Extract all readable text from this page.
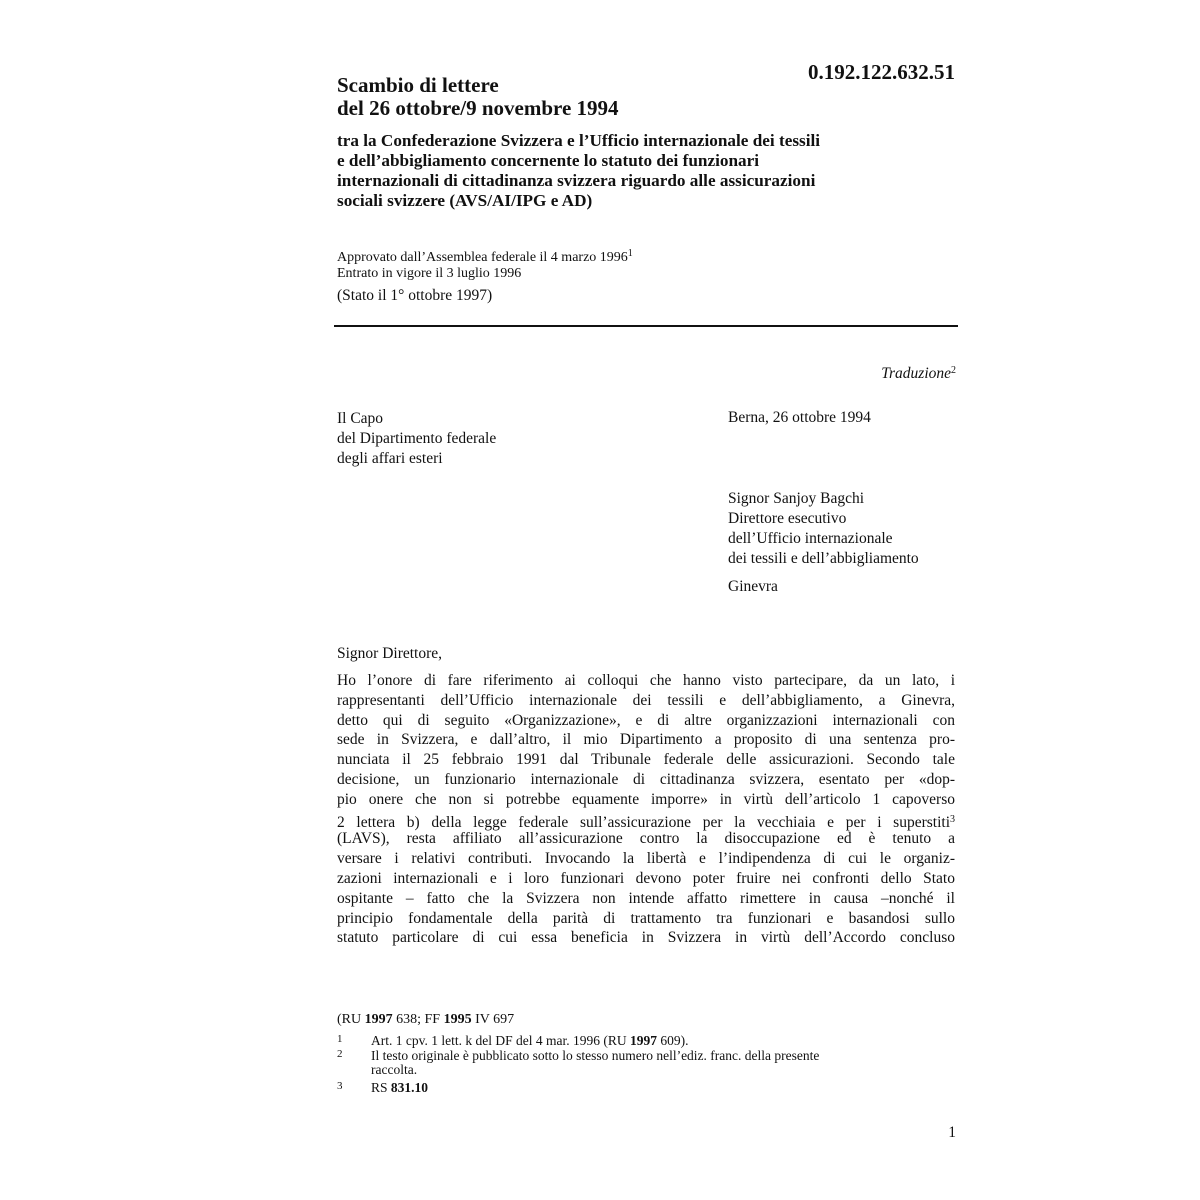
0.192.122.632.51
Scambio di lettere
del 26 ottobre/9 novembre 1994
tra la Confederazione Svizzera e l’Ufficio internazionale dei tessili
e dell’abbigliamento concernente lo statuto dei funzionari
internazionali di cittadinanza svizzera riguardo alle assicurazioni
sociali svizzere (AVS/AI/IPG e AD)
Approvato dall’Assemblea federale il 4 marzo 1996$^1$
Entrato in vigore il 3 luglio 1996
(Stato il 1° ottobre 1997)
Traduzione$^2$
Il Capo
del Dipartimento federale
degli affari esteri
Berna, 26 ottobre 1994
Signor Sanjoy Bagchi
Direttore esecutivo
dell’Ufficio internazionale
dei tessili e dell’abbigliamento
Ginevra
Signor Direttore,
Ho l’onore di fare riferimento ai colloqui che hanno visto partecipare, da un lato, i
rappresentanti dell’Ufficio internazionale dei tessili e dell’abbigliamento, a Ginevra,
detto qui di seguito «Organizzazione», e di altre organizzazioni internazionali con
sede in Svizzera, e dall’altro, il mio Dipartimento a proposito di una sentenza pro-
nunciata il 25 febbraio 1991 dal Tribunale federale delle assicurazioni. Secondo tale
decisione, un funzionario internazionale di cittadinanza svizzera, esentato per «dop-
pio onere che non si potrebbe equamente imporre» in virtù dell’articolo 1 capoverso
2 lettera b) della legge federale sull’assicurazione per la vecchiaia e per i superstiti$^3$
(LAVS), resta affiliato all’assicurazione contro la disoccupazione ed è tenuto a
versare i relativi contributi. Invocando la libertà e l’indipendenza di cui le organiz-
zazioni internazionali e i loro funzionari devono poter fruire nei confronti dello Stato
ospitante – fatto che la Svizzera non intende affatto rimettere in causa –nonché il
principio fondamentale della parità di trattamento tra funzionari e basandosi sullo
statuto particolare di cui essa beneficia in Svizzera in virtù dell’Accordo concluso
(RU 1997 638; FF 1995 IV 697
1 Art. 1 cpv. 1 lett. k del DF del 4 mar. 1996 (RU 1997 609).
2 Il testo originale è pubblicato sotto lo stesso numero nell’ediz. franc. della presente
raccolta.
3 RS 831.10
1
